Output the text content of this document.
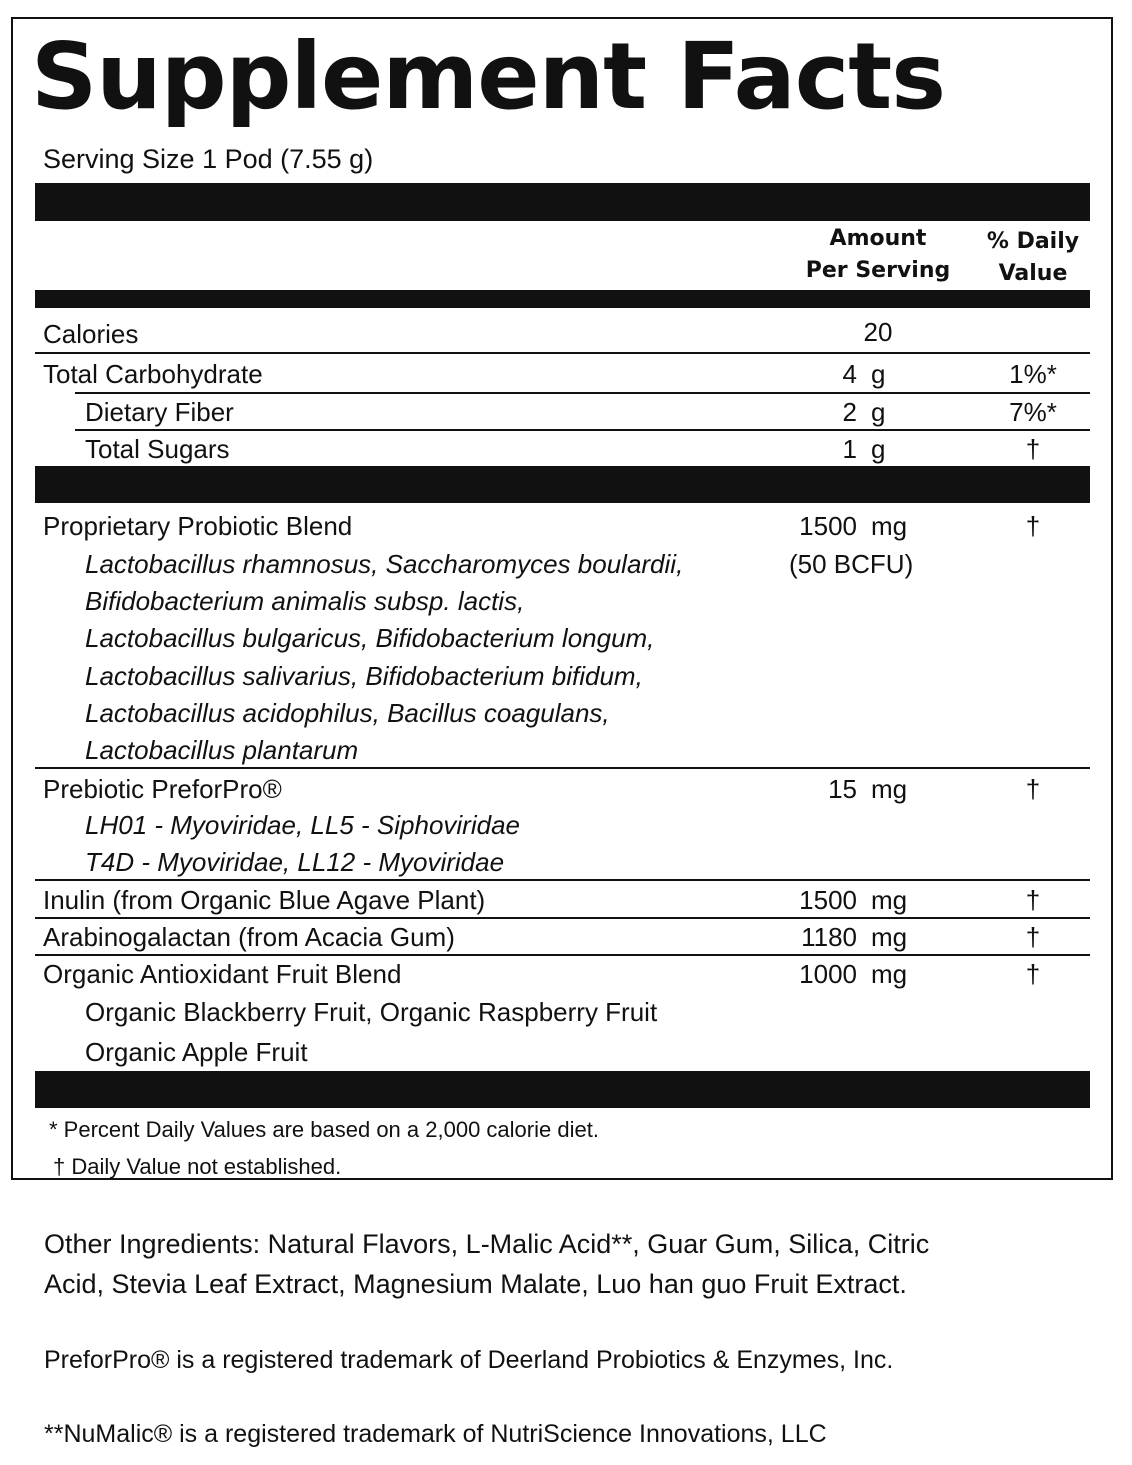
Supplement Facts
Serving Size 1 Pod (7.55 g)
Amount
Per Serving
% Daily
Value
Calories	20
Total Carbohydrate	4 g	1%*
Dietary Fiber	2 g	7%*
Total Sugars	1 g	†
Proprietary Probiotic Blend	1500 mg	†
(50 BCFU)
Lactobacillus rhamnosus, Saccharomyces boulardii,
Bifidobacterium animalis subsp. lactis,
Lactobacillus bulgaricus, Bifidobacterium longum,
Lactobacillus salivarius, Bifidobacterium bifidum,
Lactobacillus acidophilus, Bacillus coagulans,
Lactobacillus plantarum
Prebiotic PreforPro®	15 mg	†
LH01 - Myoviridae, LL5 - Siphoviridae
T4D - Myoviridae, LL12 - Myoviridae
Inulin (from Organic Blue Agave Plant)	1500 mg	†
Arabinogalactan (from Acacia Gum)	1180 mg	†
Organic Antioxidant Fruit Blend	1000 mg	†
Organic Blackberry Fruit, Organic Raspberry Fruit
Organic Apple Fruit
* Percent Daily Values are based on a 2,000 calorie diet.
† Daily Value not established.
Other Ingredients: Natural Flavors, L-Malic Acid**, Guar Gum, Silica, Citric
Acid, Stevia Leaf Extract, Magnesium Malate, Luo han guo Fruit Extract.
PreforPro® is a registered trademark of Deerland Probiotics & Enzymes, Inc.
**NuMalic® is a registered trademark of NutriScience Innovations, LLC
